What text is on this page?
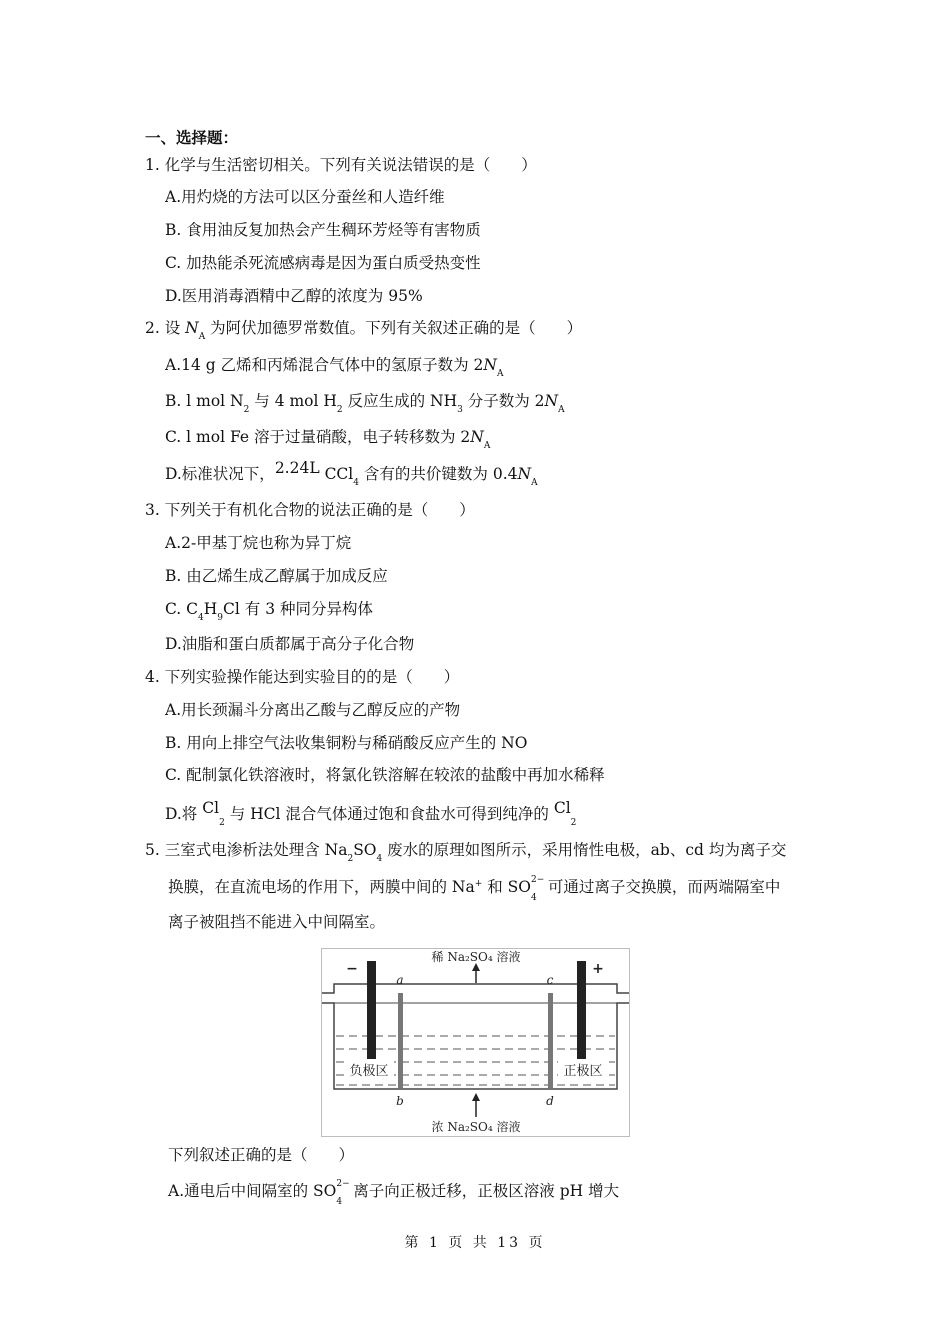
一、选择题：
1. 化学与生活密切相关。下列有关说法错误的是（　　）
A.用灼烧的方法可以区分蚕丝和人造纤维
B. 食用油反复加热会产生稠环芳烃等有害物质
C. 加热能杀死流感病毒是因为蛋白质受热变性
D.医用消毒酒精中乙醇的浓度为 95%
2. 设 $N_A$ 为阿伏加德罗常数值。下列有关叙述正确的是（　　）
A.14 g 乙烯和丙烯混合气体中的氢原子数为 $2N_A$
B. l mol $N_2$ 与 4 mol $H_2$ 反应生成的 $NH_3$ 分子数为 $2N_A$
C. l mol Fe 溶于过量硝酸，电子转移数为 $2N_A$
D.标准状况下，2.24L CCl$_4$ 含有的共价键数为 $0.4N_A$
3. 下列关于有机化合物的说法正确的是（　　）
A.2-甲基丁烷也称为异丁烷
B. 由乙烯生成乙醇属于加成反应
C. $C_4H_9Cl$ 有 3 种同分异构体
D.油脂和蛋白质都属于高分子化合物
4. 下列实验操作能达到实验目的的是（　　）
A.用长颈漏斗分离出乙酸与乙醇反应的产物
B. 用向上排空气法收集铜粉与稀硝酸反应产生的 NO
C. 配制氯化铁溶液时，将氯化铁溶解在较浓的盐酸中再加水稀释
D.将 $Cl_2$ 与 HCl 混合气体通过饱和食盐水可得到纯净的 $Cl_2$
5. 三室式电渗析法处理含 $Na_2SO_4$ 废水的原理如图所示，采用惰性电极，ab、cd 均为离子交
换膜，在直流电场的作用下，两膜中间的 Na+ 和 SO 2−
4
可通过离子交换膜，而两端隔室中
离子被阻挡不能进入中间隔室。
稀 Na₂SO₄ 溶液
浓 Na₂SO₄ 溶液
−	+
a
b
c
d
负极区	正极区
下列叙述正确的是（　　）
A.通电后中间隔室的 SO 2−
4
离子向正极迁移，正极区溶液 pH 增大
第 1 页 共 13 页
